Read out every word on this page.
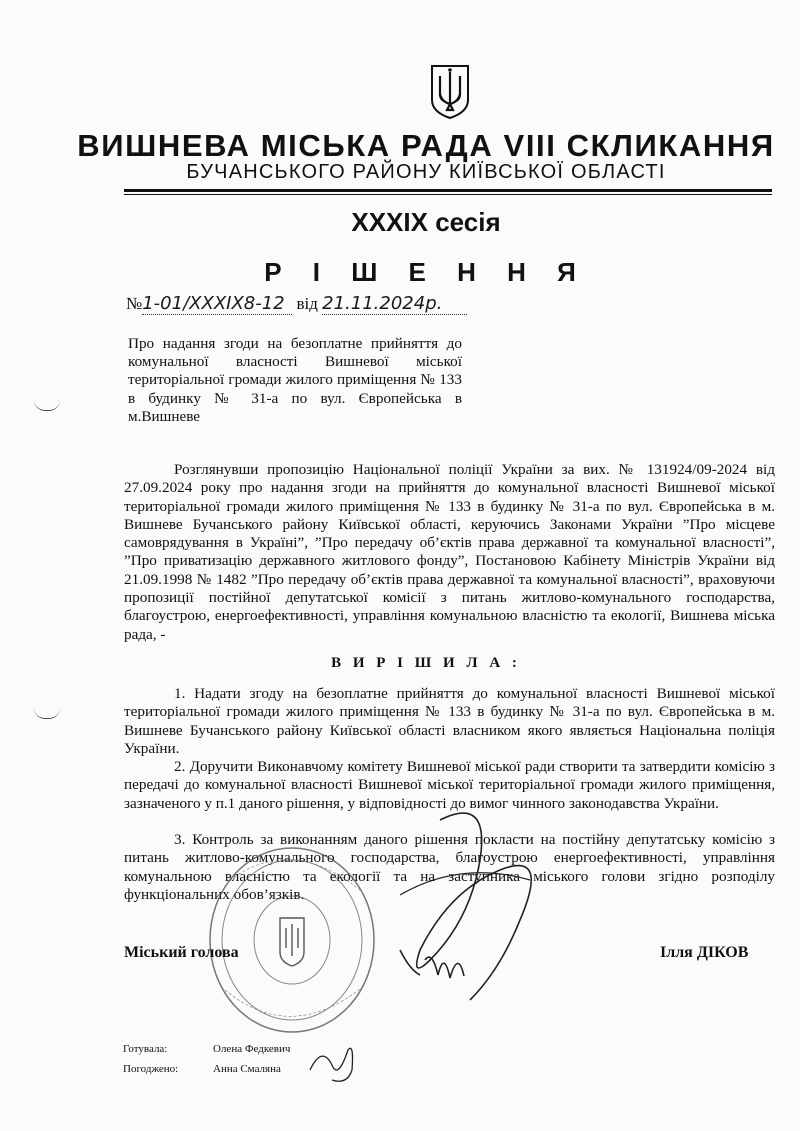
ВИШНЕВА МІСЬКА РАДА VIII СКЛИКАННЯ
БУЧАНСЬКОГО РАЙОНУ КИЇВСЬКОЇ ОБЛАСТІ
XXXIX сесія
Р І Ш Е Н Н Я
№1-01/XXXIX8-12 від 21.11.2024р.
Про надання згоди на безоплатне прийняття до комунальної власності Вишневої міської територіальної громади жилого приміщення № 133 в будинку № 31-а по вул. Європейська в м.Вишневе
Розглянувши пропозицію Національної поліції України за вих. № 131924/09-2024 від 27.09.2024 року про надання згоди на прийняття до комунальної власності Вишневої міської територіальної громади жилого приміщення № 133 в будинку № 31-а по вул. Європейська в м. Вишневе Бучанського району Київської області, керуючись Законами України ”Про місцеве самоврядування в Україні”, ”Про передачу об’єктів права державної та комунальної власності”, ”Про приватизацію державного житлового фонду”, Постановою Кабінету Міністрів України від 21.09.1998 № 1482 ”Про передачу об’єктів права державної та комунальної власності”, враховуючи пропозиції постійної депутатської комісії з питань житлово-комунального господарства, благоустрою, енергоефективності, управління комунальною власністю та екології, Вишнева міська рада, -
В И Р І Ш И Л А :
1. Надати згоду на безоплатне прийняття до комунальної власності Вишневої міської територіальної громади жилого приміщення № 133 в будинку № 31-а по вул. Європейська в м. Вишневе Бучанського району Київської області власником якого являється Національна поліція України.
2. Доручити Виконавчому комітету Вишневої міської ради створити та затвердити комісію з передачі до комунальної власності Вишневої міської територіальної громади жилого приміщення, зазначеного у п.1 даного рішення, у відповідності до вимог чинного законодавства України.
3. Контроль за виконанням даного рішення покласти на постійну депутатську комісію з питань житлово-комунального господарства, благоустрою енергоефективності, управління комунальною власністю та екології та на заступника міського голови згідно розподілу функціональних обов’язків.
Міський голова	Ілля ДІКОВ
Готувала:	Олена Федкевич
Погоджено:	Анна Смаляна
